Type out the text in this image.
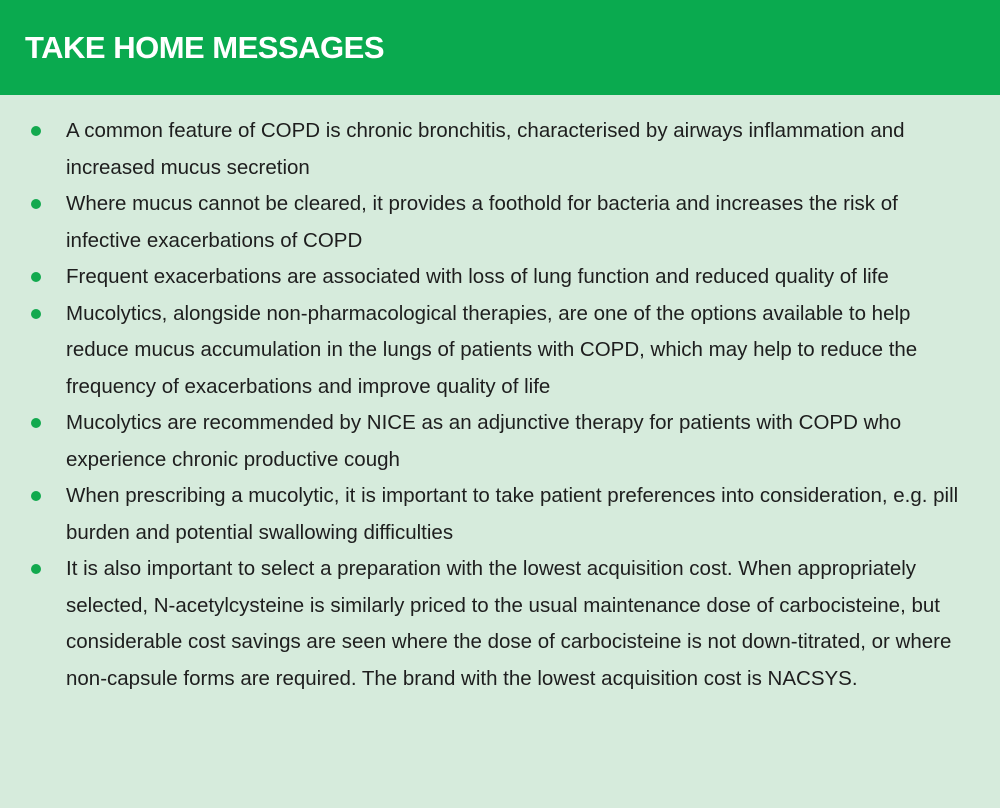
TAKE HOME MESSAGES
A common feature of COPD is chronic bronchitis, characterised by airways inflammation and increased mucus secretion
Where mucus cannot be cleared, it provides a foothold for bacteria and increases the risk of infective exacerbations of COPD
Frequent exacerbations are associated with loss of lung function and reduced quality of life
Mucolytics, alongside non-pharmacological therapies, are one of the options available to help reduce mucus accumulation in the lungs of patients with COPD, which may help to reduce the frequency of exacerbations and improve quality of life
Mucolytics are recommended by NICE as an adjunctive therapy for patients with COPD who experience chronic productive cough
When prescribing a mucolytic, it is important to take patient preferences into consideration, e.g. pill burden and potential swallowing difficulties
It is also important to select a preparation with the lowest acquisition cost. When appropriately selected, N-acetylcysteine is similarly priced to the usual maintenance dose of carbocisteine, but considerable cost savings are seen where the dose of carbocisteine is not down-titrated, or where non-capsule forms are required. The brand with the lowest acquisition cost is NACSYS.
